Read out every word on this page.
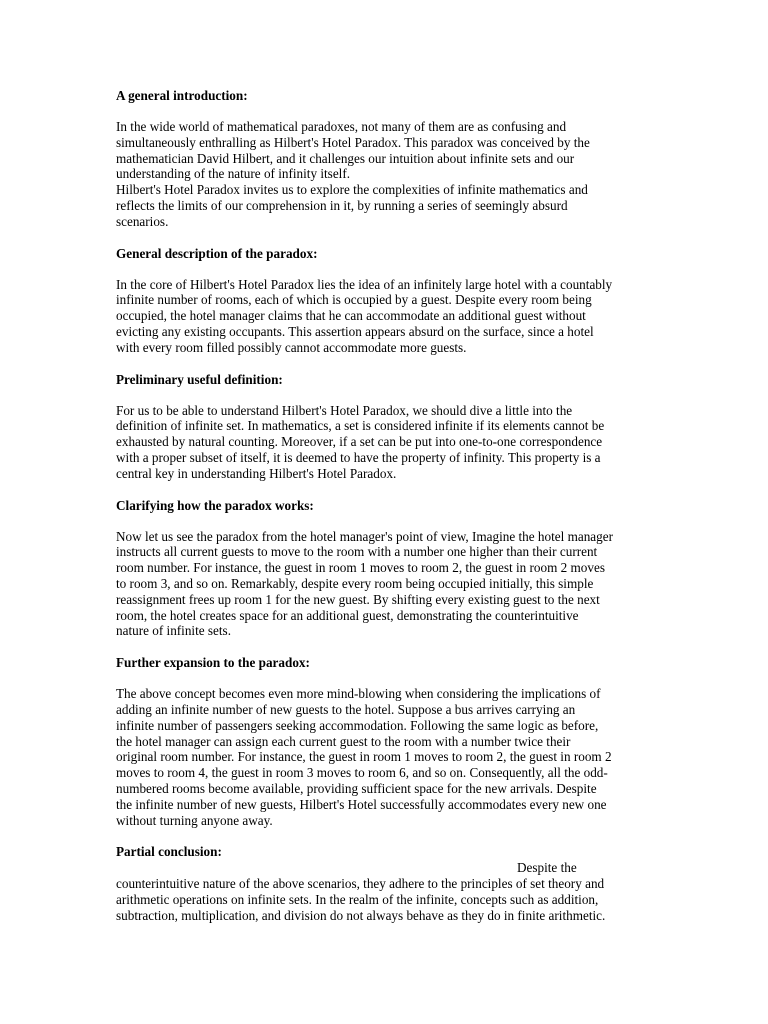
A general introduction:

In the wide world of mathematical paradoxes, not many of them are as confusing and
simultaneously enthralling as Hilbert's Hotel Paradox. This paradox was conceived by the
mathematician David Hilbert, and it challenges our intuition about infinite sets and our
understanding of the nature of infinity itself.
Hilbert's Hotel Paradox invites us to explore the complexities of infinite mathematics and
reflects the limits of our comprehension in it, by running a series of seemingly absurd
scenarios.

General description of the paradox:

In the core of Hilbert's Hotel Paradox lies the idea of an infinitely large hotel with a countably
infinite number of rooms, each of which is occupied by a guest. Despite every room being
occupied, the hotel manager claims that he can accommodate an additional guest without
evicting any existing occupants. This assertion appears absurd on the surface, since a hotel
with every room filled possibly cannot accommodate more guests.

Preliminary useful definition:

For us to be able to understand Hilbert's Hotel Paradox, we should dive a little into the
definition of infinite set. In mathematics, a set is considered infinite if its elements cannot be
exhausted by natural counting. Moreover, if a set can be put into one-to-one correspondence
with a proper subset of itself, it is deemed to have the property of infinity. This property is a
central key in understanding Hilbert's Hotel Paradox.

Clarifying how the paradox works:

Now let us see the paradox from the hotel manager's point of view, Imagine the hotel manager
instructs all current guests to move to the room with a number one higher than their current
room number. For instance, the guest in room 1 moves to room 2, the guest in room 2 moves
to room 3, and so on. Remarkably, despite every room being occupied initially, this simple
reassignment frees up room 1 for the new guest. By shifting every existing guest to the next
room, the hotel creates space for an additional guest, demonstrating the counterintuitive
nature of infinite sets.

Further expansion to the paradox:

The above concept becomes even more mind-blowing when considering the implications of
adding an infinite number of new guests to the hotel. Suppose a bus arrives carrying an
infinite number of passengers seeking accommodation. Following the same logic as before,
the hotel manager can assign each current guest to the room with a number twice their
original room number. For instance, the guest in room 1 moves to room 2, the guest in room 2
moves to room 4, the guest in room 3 moves to room 6, and so on. Consequently, all the odd-
numbered rooms become available, providing sufficient space for the new arrivals. Despite
the infinite number of new guests, Hilbert's Hotel successfully accommodates every new one
without turning anyone away.

Partial conclusion:

Despite the
counterintuitive nature of the above scenarios, they adhere to the principles of set theory and
arithmetic operations on infinite sets. In the realm of the infinite, concepts such as addition,
subtraction, multiplication, and division do not always behave as they do in finite arithmetic.
